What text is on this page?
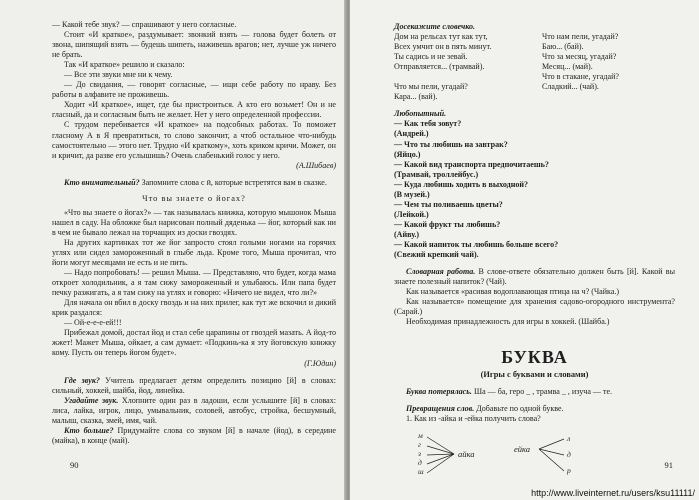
— Какой тебе звук? — спрашивают у него согласные.

Стоит «И краткое», раздумывает: звонкий взять — голова будет болеть от звона, шипящий взять — будешь шипеть, наживешь врагов; нет, лучше уж ничего не брать.

Так «И краткое» решило и сказало:

— Все эти звуки мне ни к чему.

— До свидания, — говорят согласные, — ищи себе работу по нраву. Без работы в алфавите не проживешь.

Ходит «И краткое», ищет, где бы пристроиться. А кто его возьмет! Он и не гласный, да и согласным быть не желает. Нет у него определенной профессии.

С трудом перебивается «И краткое» на подсобных работах. То поможет гласному А в Я превратиться, то слово закончит, а чтоб остальное что-нибудь самостоятельно — этого нет. Трудно «И краткому», хоть криком кричи. Может, он и кричит, да разве его услышишь? Очень слабенький голос у него.

(А.Шибаев)

Кто внимательный? Запомните слова с ӣ, которые встретятся вам в сказке.

Что вы знаете о йогах?

«Что вы знаете о йогах?» — так называлась книжка, которую мышонок Мыша нашел в саду. На обложке был нарисован полный дяденька — йог, который как ни в чем не бывало лежал на торчащих из доски гвоздях.

На других картинках тот же йог запросто стоял голыми ногами на горячих углях или сидел замороженный в глыбе льда. Кроме того, Мыша прочитал, что йоги могут месяцами не есть и не пить.

— Надо попробовать! — решил Мыша. — Представляю, что будет, когда мама откроет холодильник, а я там сижу замороженный и улыбаюсь. Или папа будет печку разжигать, а я там сижу на углях и говорю: «Ничего не видел, что ли?»

Для начала он вбил в доску гвоздь и на них прилег, как тут же вскочил и дикий крик раздался:

— Ой-е-е-е-ей!!!

Прибежал домой, достал йод и стал себе царапины от гвоздей мазать. А йод-то жжет! Мажет Мыша, ойкает, а сам думает: «Подкинь-ка я эту йоговскую книжку кому. Пусть он теперь йогом будет».

(Г.Юдин)

Где звук? Учитель предлагает детям определить позицию [й] в словах: сильный, хоккей, шайба, йод, линейка.

Угадайте звук. Хлопните один раз в ладоши, если услышите [й] в словах: лиса, лайка, игрок, лицо, умывальник, соловей, автобус, стройка, бесшумный, малыш, сказка, змей, имя, чай.

Кто больше? Придумайте слова со звуком [й] в начале (йод), в середине (майка), в конце (май).

90

Досекажите словечко.

Дом на рельсах тут как тут,

Всех умчит он в пять минут.

Ты садись и не зевай.

Отправляется... (трамвай).

Что мы пели, угадай?

Кара... (вай).

Что нам пели, угадай?

Баю... (бай).

Что за месяц, угадай?

Месяц... (май).

Что в стакане, угадай?

Сладкий... (чай).

Любопытный.

— Как тебя зовут?

(Андрей.)

— Что ты любишь на завтрак?

(Яйцо.)

— Какой вид транспорта предпочитаешь?

(Трамвай, троллейбус.)

— Куда любишь ходить в выходной?

(В музей.)

— Чем ты поливаешь цветы?

(Лейкой.)

— Какой фрукт ты любишь?

(Айву.)

— Какой напиток ты любишь больше всего?

(Свежий крепкий чай).

Словарная работа. В слове-ответе обязательно должен быть [й]. Какой вы знаете полезный напиток? (Чай).

Как называется «расивая водоплавающая птица на ч? (Чайка.)

Как называется» помещение для хранения садово-огородного инструмента? (Сарай.)

Необходимая принадлежность для игры в хоккей. (Шайба.)

БУКВА
(Игры с буквами и словами)

Буква потерялась. Ша — ба, геро _ , трамва _ , изуча — те.

Превращения слов. Добавьте по одной букве.

1. Как из -айка и -ейка получить слова?

м
г
з
д
ш
айка
л
д
р
ейка
91
http://www.liveinternet.ru/users/ksu11111/
